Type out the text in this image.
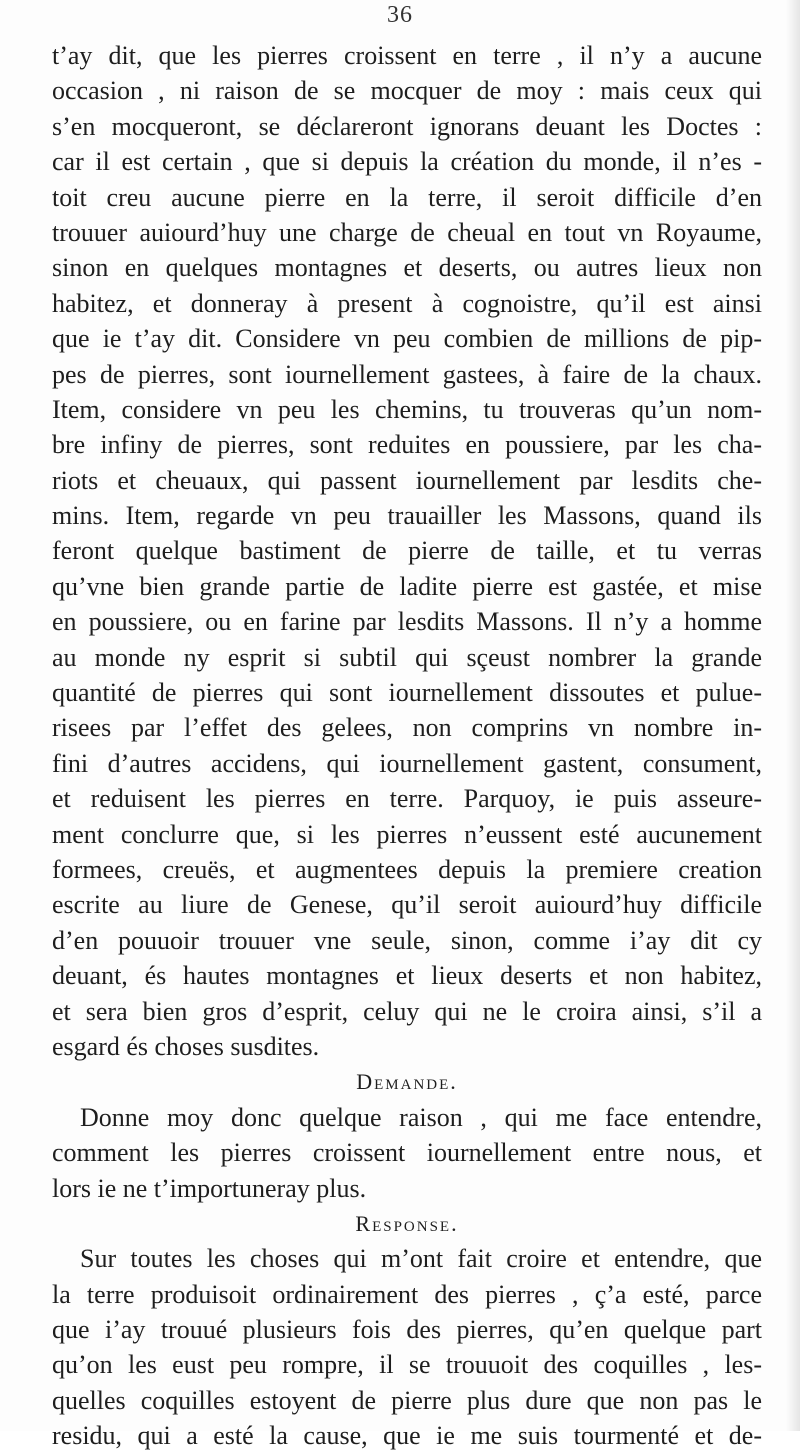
36
t’ay dit, que les pierres croissent en terre , il n’y a aucune
occasion , ni raison de se mocquer de moy : mais ceux qui
s’en mocqueront, se déclareront ignorans deuant les Doctes :
car il est certain , que si depuis la création du monde, il n’es -
toit creu aucune pierre en la terre, il seroit difficile d’en
trouuer auiourd’huy une charge de cheual en tout vn Royaume,
sinon en quelques montagnes et deserts, ou autres lieux non
habitez, et donneray à present à cognoistre, qu’il est ainsi
que ie t’ay dit. Considere vn peu combien de millions de pip-
pes de pierres, sont iournellement gastees, à faire de la chaux.
Item, considere vn peu les chemins, tu trouveras qu’un nom-
bre infiny de pierres, sont reduites en poussiere, par les cha-
riots et cheuaux, qui passent iournellement par lesdits che-
mins. Item, regarde vn peu trauailler les Massons, quand ils
feront quelque bastiment de pierre de taille, et tu verras
qu’vne bien grande partie de ladite pierre est gastée, et mise
en poussiere, ou en farine par lesdits Massons. Il n’y a homme
au monde ny esprit si subtil qui sçeust nombrer la grande
quantité de pierres qui sont iournellement dissoutes et pulue-
risees par l’effet des gelees, non comprins vn nombre in-
fini d’autres accidens, qui iournellement gastent, consument,
et reduisent les pierres en terre. Parquoy, ie puis asseure-
ment conclurre que, si les pierres n’eussent esté aucunement
formees, creuës, et augmentees depuis la premiere creation
escrite au liure de Genese, qu’il seroit auiourd’huy difficile
d’en pouuoir trouuer vne seule, sinon, comme i’ay dit cy
deuant, és hautes montagnes et lieux deserts et non habitez,
et sera bien gros d’esprit, celuy qui ne le croira ainsi, s’il a
esgard és choses susdites.
Demande.
Donne moy donc quelque raison , qui me face entendre,
comment les pierres croissent iournellement entre nous, et
lors ie ne t’importuneray plus.
Response.
Sur toutes les choses qui m’ont fait croire et entendre, que
la terre produisoit ordinairement des pierres , ç’a esté, parce
que i’ay trouué plusieurs fois des pierres, qu’en quelque part
qu’on les eust peu rompre, il se trouuoit des coquilles , les-
quelles coquilles estoyent de pierre plus dure que non pas le
residu, qui a esté la cause, que ie me suis tourmenté et de-
